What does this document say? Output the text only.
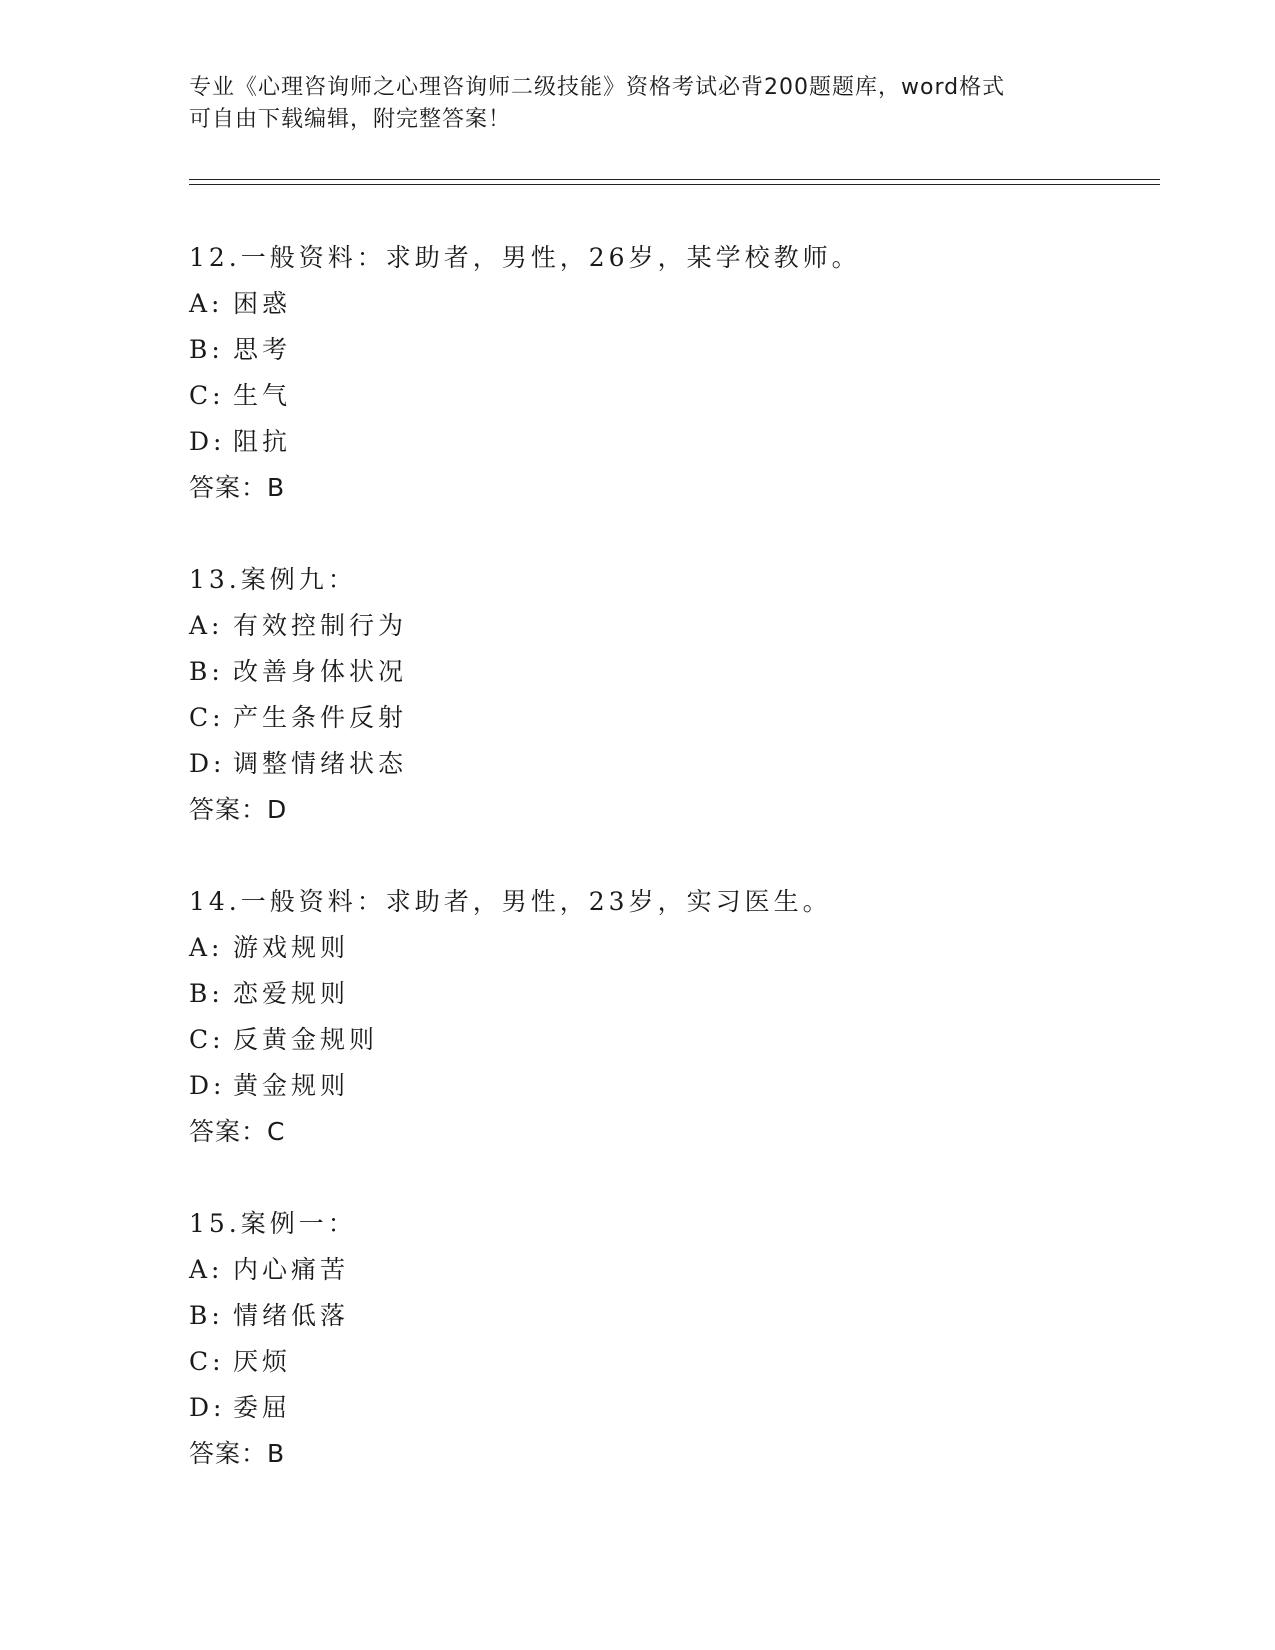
专业《心理咨询师之心理咨询师二级技能》资格考试必背200题题库，word格式
可自由下载编辑，附完整答案！
12.一般资料：求助者，男性，26岁，某学校教师。
A: 困惑
B: 思考
C: 生气
D: 阻抗
答案：B
13.案例九：
A: 有效控制行为
B: 改善身体状况
C: 产生条件反射
D: 调整情绪状态
答案：D
14.一般资料：求助者，男性，23岁，实习医生。
A: 游戏规则
B: 恋爱规则
C: 反黄金规则
D: 黄金规则
答案：C
15.案例一：
A: 内心痛苦
B: 情绪低落
C: 厌烦
D: 委屈
答案：B
